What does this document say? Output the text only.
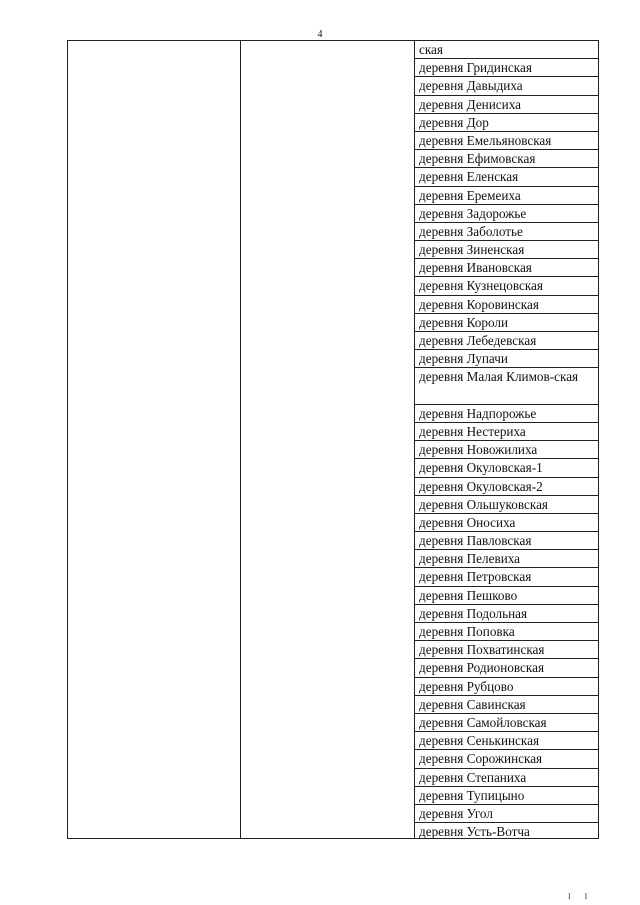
4
ская
деревня Гридинская
деревня Давыдиха
деревня Денисиха
деревня Дор
деревня Емельяновская
деревня Ефимовская
деревня Еленская
деревня Еремеиха
деревня Задорожье
деревня Заболотье
деревня Зиненская
деревня Ивановская
деревня Кузнецовская
деревня Коровинская
деревня Короли
деревня Лебедевская
деревня Лупачи
деревня Малая Климов-ская
деревня Надпорожье
деревня Нестериха
деревня Новожилиха
деревня Окуловская-1
деревня Окуловская-2
деревня Ольшуковская
деревня Оносиха
деревня Павловская
деревня Пелевиха
деревня Петровская
деревня Пешково
деревня Подольная
деревня Поповка
деревня Похватинская
деревня Родионовская
деревня Рубцово
деревня Савинская
деревня Самойловская
деревня Сенькинская
деревня Сорожинская
деревня Степаниха
деревня Тупицыно
деревня Угол
деревня Усть-Вотча
I I
